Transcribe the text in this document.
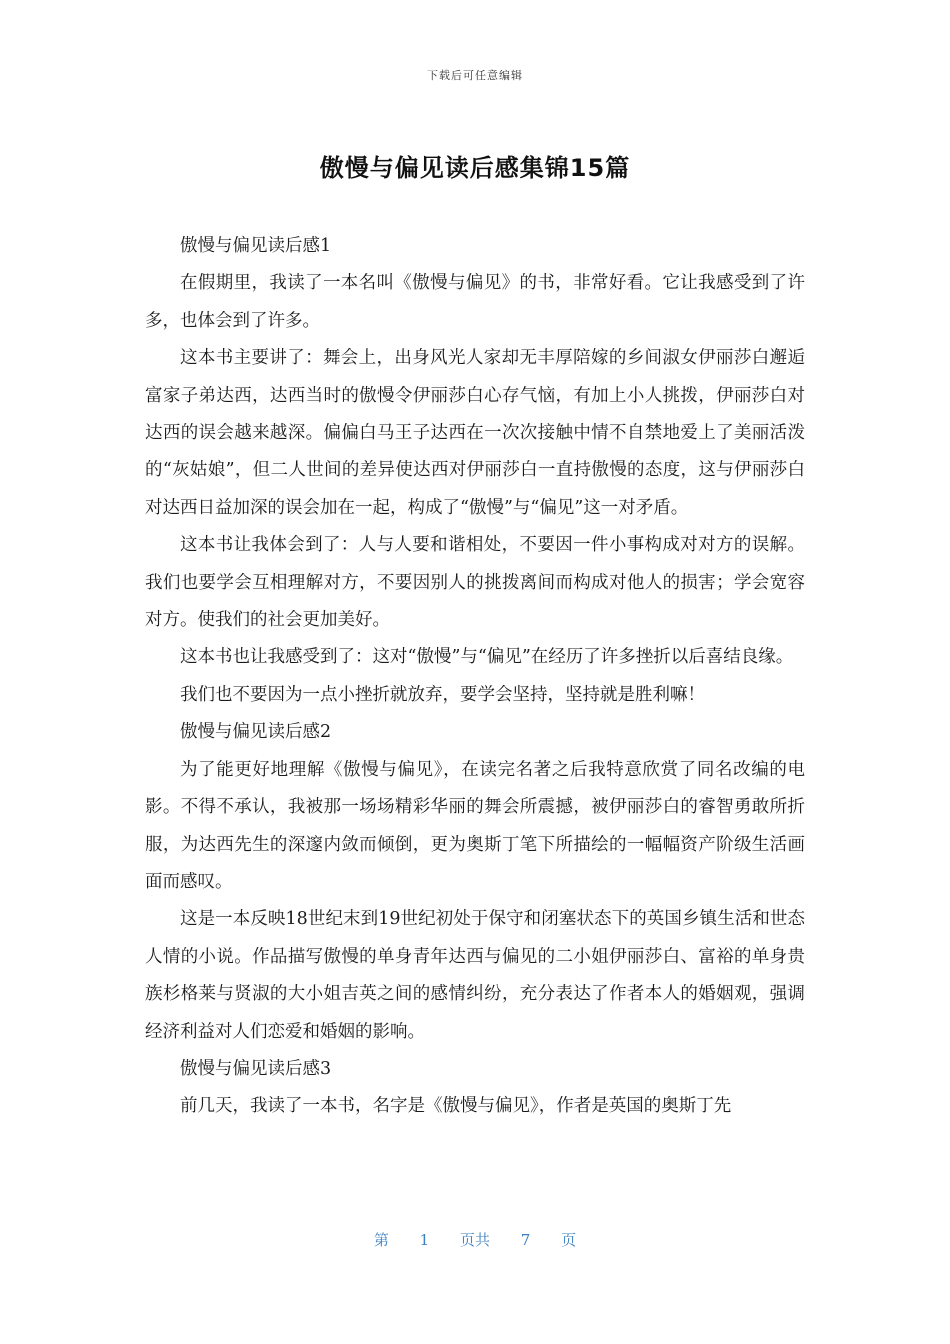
下载后可任意编辑
傲慢与偏见读后感集锦15篇

傲慢与偏见读后感1

在假期里，我读了一本名叫《傲慢与偏见》的书，非常好看。它让我感受到了许多，也体会到了许多。

这本书主要讲了：舞会上，出身风光人家却无丰厚陪嫁的乡间淑女伊丽莎白邂逅富家子弟达西，达西当时的傲慢令伊丽莎白心存气恼，有加上小人挑拨，伊丽莎白对达西的误会越来越深。偏偏白马王子达西在一次次接触中情不自禁地爱上了美丽活泼的“灰姑娘”，但二人世间的差异使达西对伊丽莎白一直持傲慢的态度，这与伊丽莎白对达西日益加深的误会加在一起，构成了“傲慢”与“偏见”这一对矛盾。

这本书让我体会到了：人与人要和谐相处，不要因一件小事构成对对方的误解。我们也要学会互相理解对方，不要因别人的挑拨离间而构成对他人的损害；学会宽容对方。使我们的社会更加美好。

这本书也让我感受到了：这对“傲慢”与“偏见”在经历了许多挫折以后喜结良缘。

我们也不要因为一点小挫折就放弃，要学会坚持，坚持就是胜利嘛！

傲慢与偏见读后感2

为了能更好地理解《傲慢与偏见》，在读完名著之后我特意欣赏了同名改编的电影。不得不承认，我被那一场场精彩华丽的舞会所震撼，被伊丽莎白的睿智勇敢所折服，为达西先生的深邃内敛而倾倒，更为奥斯丁笔下所描绘的一幅幅资产阶级生活画面而感叹。

这是一本反映18世纪末到19世纪初处于保守和闭塞状态下的英国乡镇生活和世态人情的小说。作品描写傲慢的单身青年达西与偏见的二小姐伊丽莎白、富裕的单身贵族杉格莱与贤淑的大小姐吉英之间的感情纠纷，充分表达了作者本人的婚姻观，强调经济利益对人们恋爱和婚姻的影响。

傲慢与偏见读后感3

前几天，我读了一本书，名字是《傲慢与偏见》，作者是英国的奥斯丁先

第 1 页共 7 页
